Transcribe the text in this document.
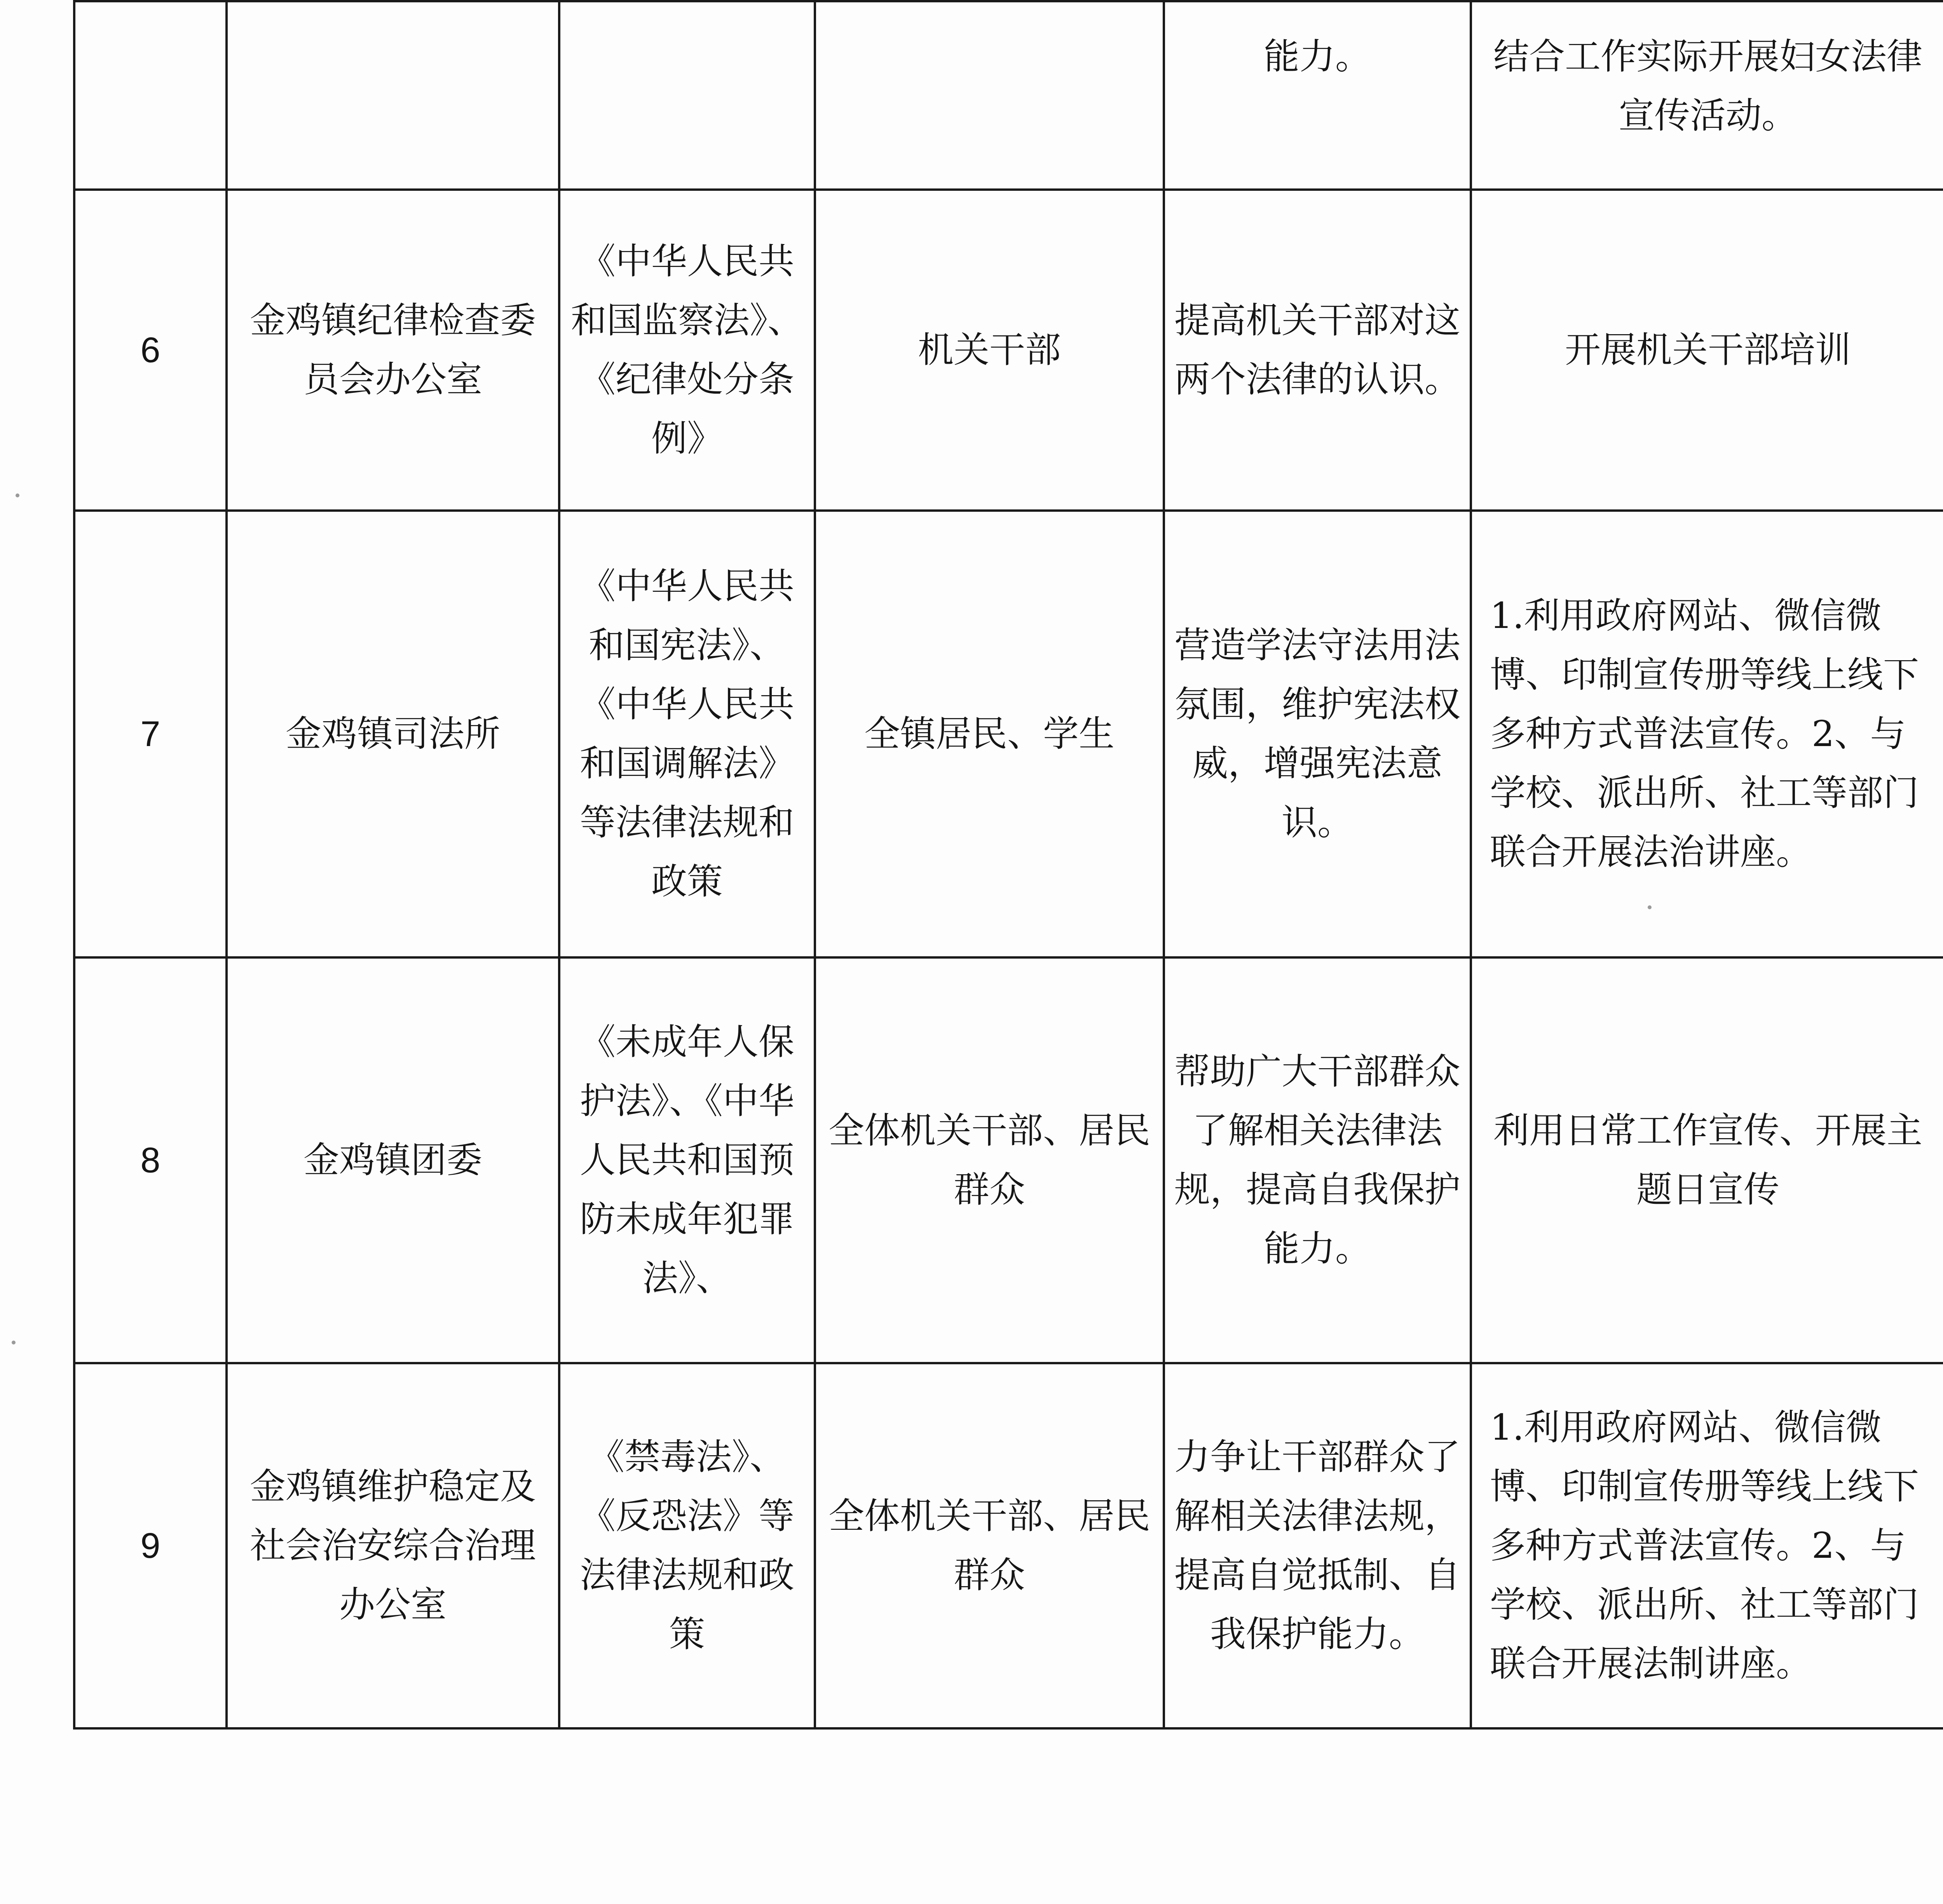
				能力。	结合工作实际开展妇女法律宣传活动。			

6	金鸡镇纪律检查委员会办公室	《中华人民共和国监察法》、《纪律处分条例》	机关干部	提高机关干部对这两个法律的认识。	开展机关干部培训			

7	金鸡镇司法所	《中华人民共和国宪法》、《中华人民共和国调解法》等法律法规和政策	全镇居民、学生	营造学法守法用法氛围，维护宪法权威，增强宪法意识。	1.利用政府网站、微信微博、印制宣传册等线上线下多种方式普法宣传。2、与学校、派出所、社工等部门联合开展法治讲座。			

8	金鸡镇团委	《未成年人保护法》、《中华人民共和国预防未成年犯罪法》、	全体机关干部、居民群众	帮助广大干部群众了解相关法律法规，提高自我保护能力。	利用日常工作宣传、开展主题日宣传			

9	金鸡镇维护稳定及社会治安综合治理办公室	《禁毒法》、《反恐法》等法律法规和政策	全体机关干部、居民群众	力争让干部群众了解相关法律法规，提高自觉抵制、自我保护能力。	1.利用政府网站、微信微博、印制宣传册等线上线下多种方式普法宣传。2、与学校、派出所、社工等部门联合开展法制讲座。			
